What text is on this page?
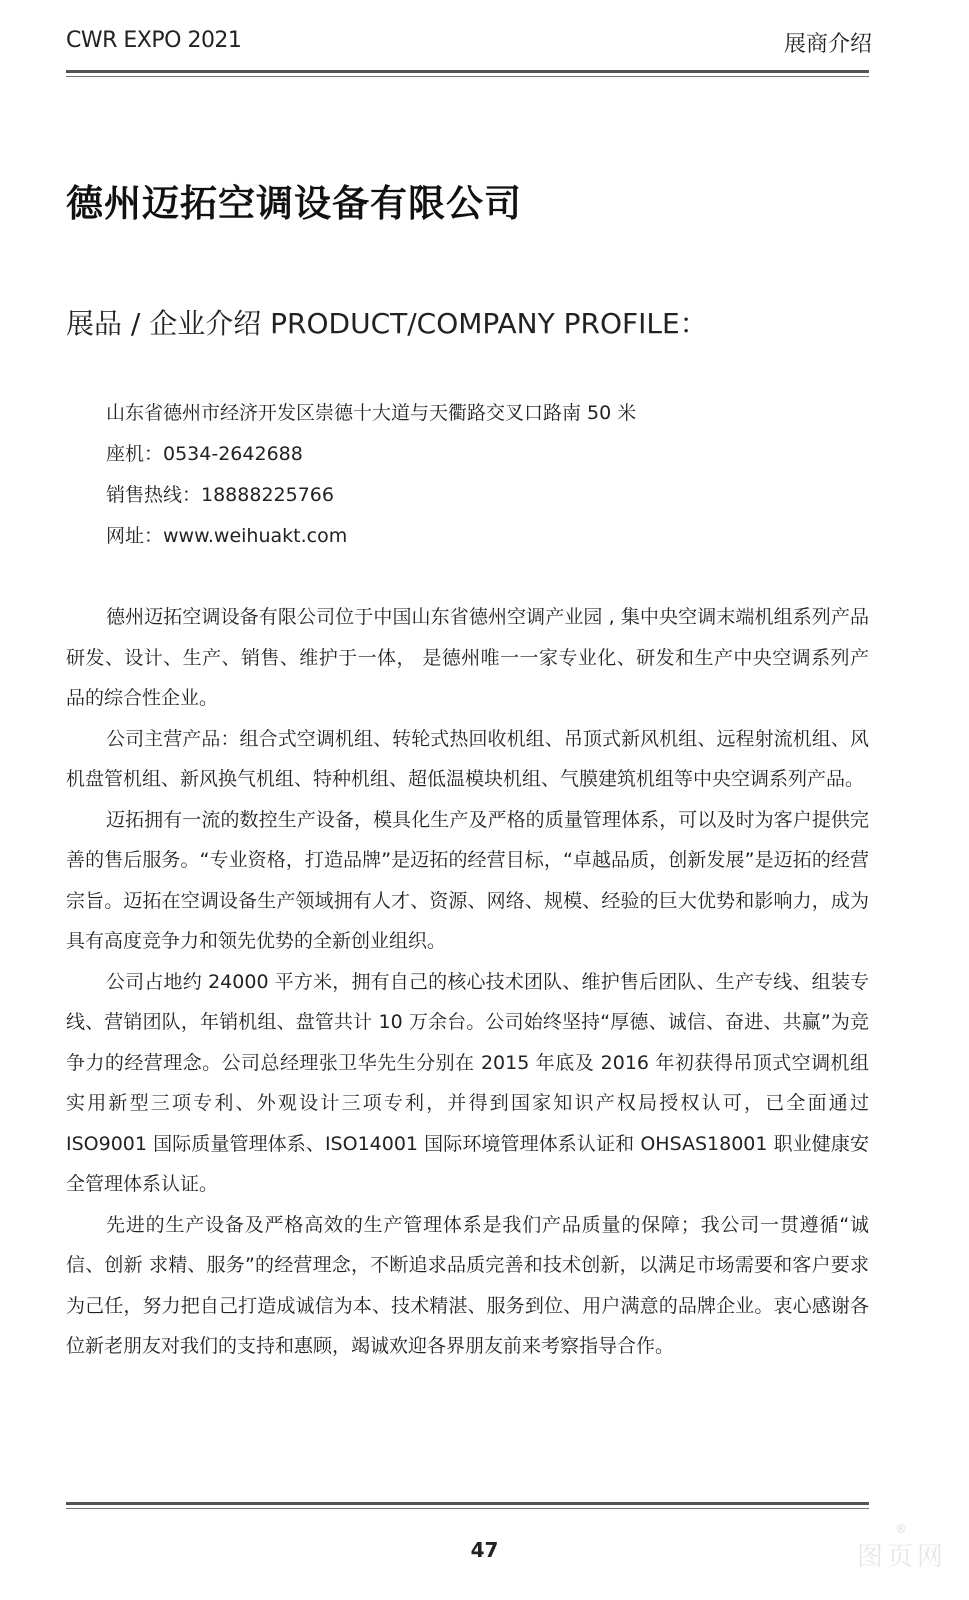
CWR EXPO 2021	展商介绍
德州迈拓空调设备有限公司
展品 / 企业介绍 PRODUCT/COMPANY PROFILE：
山东省德州市经济开发区崇德十大道与天衢路交叉口路南 50 米
座机：0534-2642688
销售热线：18888225766
网址：www.weihuakt.com

德州迈拓空调设备有限公司位于中国山东省德州空调产业园 , 集中央空调末端机组系列产品研发、设计、生产、销售、维护于一体， 是德州唯一一家专业化、研发和生产中央空调系列产品的综合性企业。

公司主营产品：组合式空调机组、转轮式热回收机组、吊顶式新风机组、远程射流机组、风机盘管机组、新风换气机组、特种机组、超低温模块机组、气膜建筑机组等中央空调系列产品。

迈拓拥有一流的数控生产设备，模具化生产及严格的质量管理体系，可以及时为客户提供完善的售后服务。“专业资格，打造品牌”是迈拓的经营目标，“卓越品质，创新发展”是迈拓的经营宗旨。迈拓在空调设备生产领域拥有人才、资源、网络、规模、经验的巨大优势和影响力，成为具有高度竞争力和领先优势的全新创业组织。

公司占地约 24000 平方米，拥有自己的核心技术团队、维护售后团队、生产专线、组装专线、营销团队，年销机组、盘管共计 10 万余台。公司始终坚持“厚德、诚信、奋进、共赢”为竞争力的经营理念。公司总经理张卫华先生分别在 2015 年底及 2016 年初获得吊顶式空调机组实用新型三项专利、外观设计三项专利，并得到国家知识产权局授权认可，已全面通过 ISO9001 国际质量管理体系、ISO14001 国际环境管理体系认证和 OHSAS18001 职业健康安全管理体系认证。

先进的生产设备及严格高效的生产管理体系是我们产品质量的保障；我公司一贯遵循“诚信、创新 求精、服务”的经营理念，不断追求品质完善和技术创新，以满足市场需要和客户要求为己任，努力把自己打造成诚信为本、技术精湛、服务到位、用户满意的品牌企业。衷心感谢各位新老朋友对我们的支持和惠顾，竭诚欢迎各界朋友前来考察指导合作。

47
®
图页网
